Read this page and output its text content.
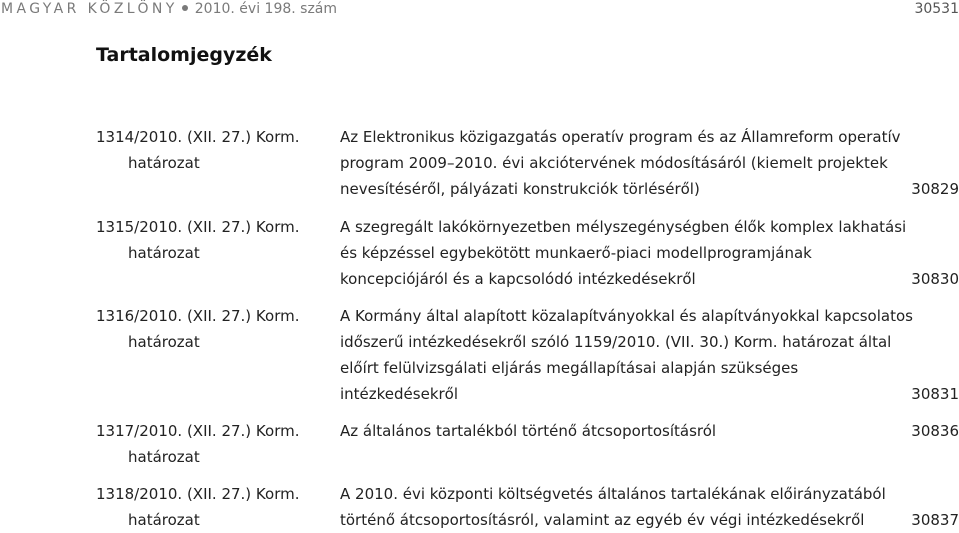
MAGYAR KÖZLÖNY 2010. évi 198. szám	30531
Tartalomjegyzék
1314/2010. (XII. 27.) Korm.
határozat
Az Elektronikus közigazgatás operatív program és az Államreform operatív
program 2009–2010. évi akciótervének módosításáról (kiemelt projektek
nevesítéséről, pályázati konstrukciók törléséről)	30829
1315/2010. (XII. 27.) Korm.
határozat
A szegregált lakókörnyezetben mélyszegénységben élők komplex lakhatási
és képzéssel egybekötött munkaerő-piaci modellprogramjának
koncepciójáról és a kapcsolódó intézkedésekről	30830
1316/2010. (XII. 27.) Korm.
határozat
A Kormány által alapított közalapítványokkal és alapítványokkal kapcsolatos
időszerű intézkedésekről szóló 1159/2010. (VII. 30.) Korm. határozat által
előírt felülvizsgálati eljárás megállapításai alapján szükséges
intézkedésekről	30831
1317/2010. (XII. 27.) Korm.
határozat
Az általános tartalékból történő átcsoportosításról	30836
1318/2010. (XII. 27.) Korm.
határozat
A 2010. évi központi költségvetés általános tartalékának előirányzatából
történő átcsoportosításról, valamint az egyéb év végi intézkedésekről	30837
